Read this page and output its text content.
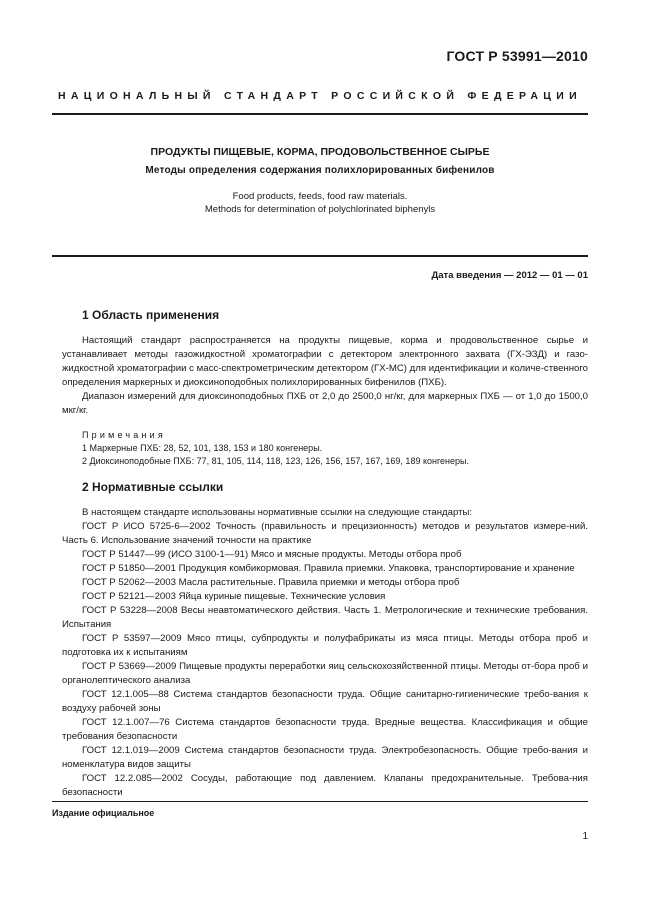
ГОСТ Р 53991—2010
НАЦИОНАЛЬНЫЙ СТАНДАРТ РОССИЙСКОЙ ФЕДЕРАЦИИ
ПРОДУКТЫ ПИЩЕВЫЕ, КОРМА, ПРОДОВОЛЬСТВЕННОЕ СЫРЬЕ
Методы определения содержания полихлорированных бифенилов
Food products, feeds, food raw materials.
Methods for determination of polychlorinated biphenyls
Дата введения — 2012 — 01 — 01
1 Область применения

Настоящий стандарт распространяется на продукты пищевые, корма и продовольственное сырье и устанавливает методы газожидкостной хроматографии с детектором электронного захвата (ГХ-ЭЗД) и газо-жидкостной хроматографии с масс-спектрометрическим детектором (ГХ-МС) для идентификации и количе-ственного определения маркерных и диоксиноподобных полихлорированных бифенилов (ПХБ).

Диапазон измерений для диоксиноподобных ПХБ от 2,0 до 2500,0 нг/кг, для маркерных ПХБ — от 1,0 до 1500,0 мкг/кг.

Примечания
1 Маркерные ПХБ: 28, 52, 101, 138, 153 и 180 конгенеры.
2 Диоксиноподобные ПХБ: 77, 81, 105, 114, 118, 123, 126, 156, 157, 167, 169, 189 конгенеры.
2 Нормативные ссылки

В настоящем стандарте использованы нормативные ссылки на следующие стандарты:

ГОСТ Р ИСО 5725-6—2002 Точность (правильность и прецизионность) методов и результатов измере-ний. Часть 6. Использование значений точности на практике

ГОСТ Р 51447—99 (ИСО 3100-1—91) Мясо и мясные продукты. Методы отбора проб

ГОСТ Р 51850—2001 Продукция комбикормовая. Правила приемки. Упаковка, транспортирование и хранение

ГОСТ Р 52062—2003 Масла растительные. Правила приемки и методы отбора проб

ГОСТ Р 52121—2003 Яйца куриные пищевые. Технические условия

ГОСТ Р 53228—2008 Весы неавтоматического действия. Часть 1. Метрологические и технические требования. Испытания

ГОСТ Р 53597—2009 Мясо птицы, субпродукты и полуфабрикаты из мяса птицы. Методы отбора проб и подготовка их к испытаниям

ГОСТ Р 53669—2009 Пищевые продукты переработки яиц сельскохозяйственной птицы. Методы от-бора проб и органолептического анализа

ГОСТ 12.1.005—88 Система стандартов безопасности труда. Общие санитарно-гигиенические требо-вания к воздуху рабочей зоны

ГОСТ 12.1.007—76 Система стандартов безопасности труда. Вредные вещества. Классификация и общие требования безопасности

ГОСТ 12.1.019—2009 Система стандартов безопасности труда. Электробезопасность. Общие требо-вания и номенклатура видов защиты

ГОСТ 12.2.085—2002 Сосуды, работающие под давлением. Клапаны предохранительные. Требова-ния безопасности

Издание официальное
1
